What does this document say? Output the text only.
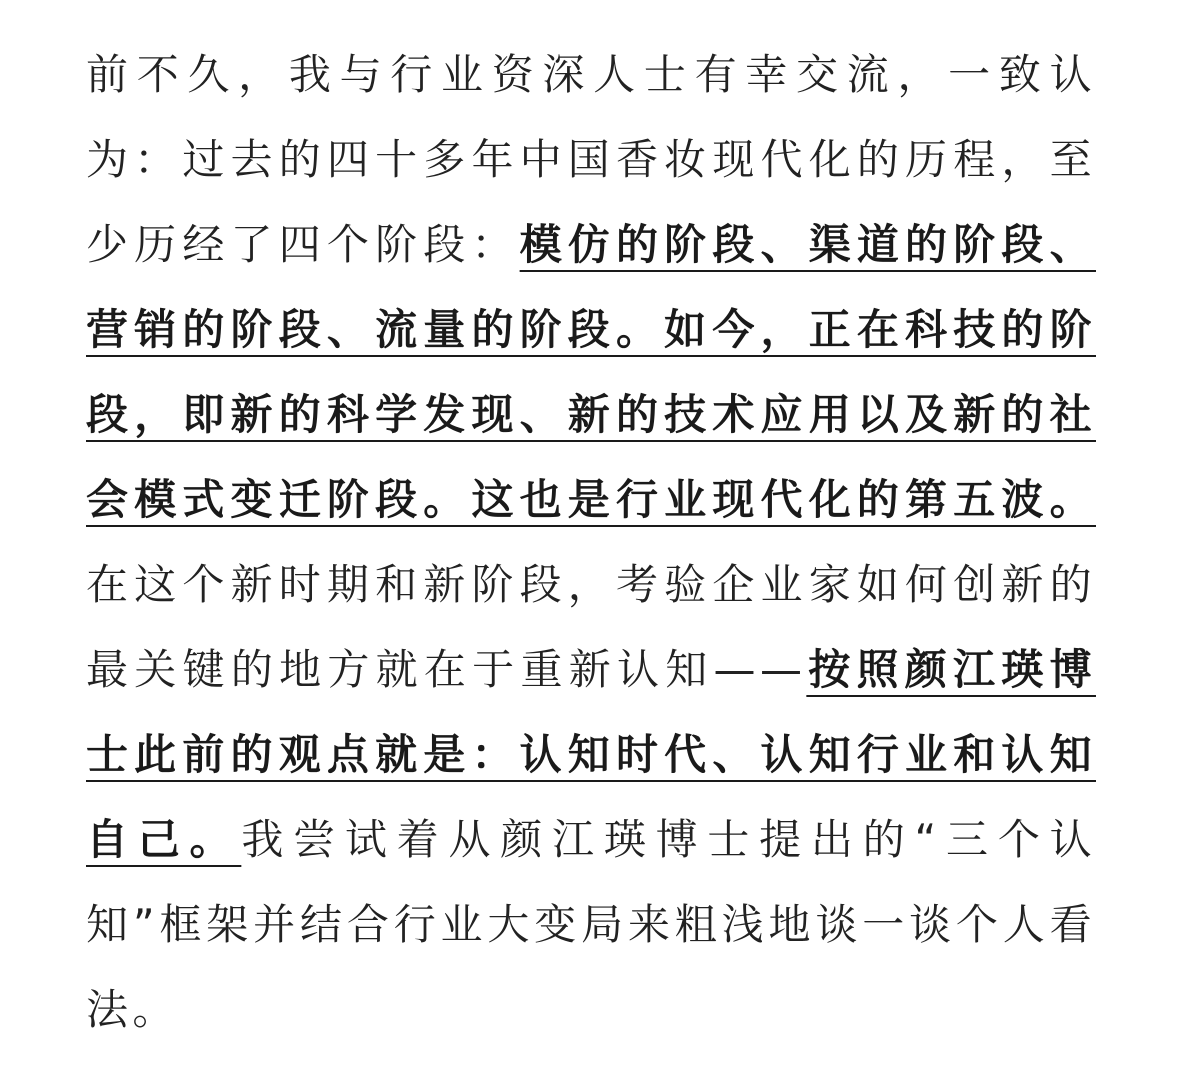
前不久，我与行业资深人士有幸交流，一致认为：过去的四十多年中国香妆现代化的历程，至少历经了四个阶段：模仿的阶段、渠道的阶段、营销的阶段、流量的阶段。如今，正在科技的阶段，即新的科学发现、新的技术应用以及新的社会模式变迁阶段。这也是行业现代化的第五波。在这个新时期和新阶段，考验企业家如何创新的最关键的地方就在于重新认知——按照颜江瑛博士此前的观点就是：认知时代、认知行业和认知自己。我尝试着从颜江瑛博士提出的“三个认知”框架并结合行业大变局来粗浅地谈一谈个人看法。
